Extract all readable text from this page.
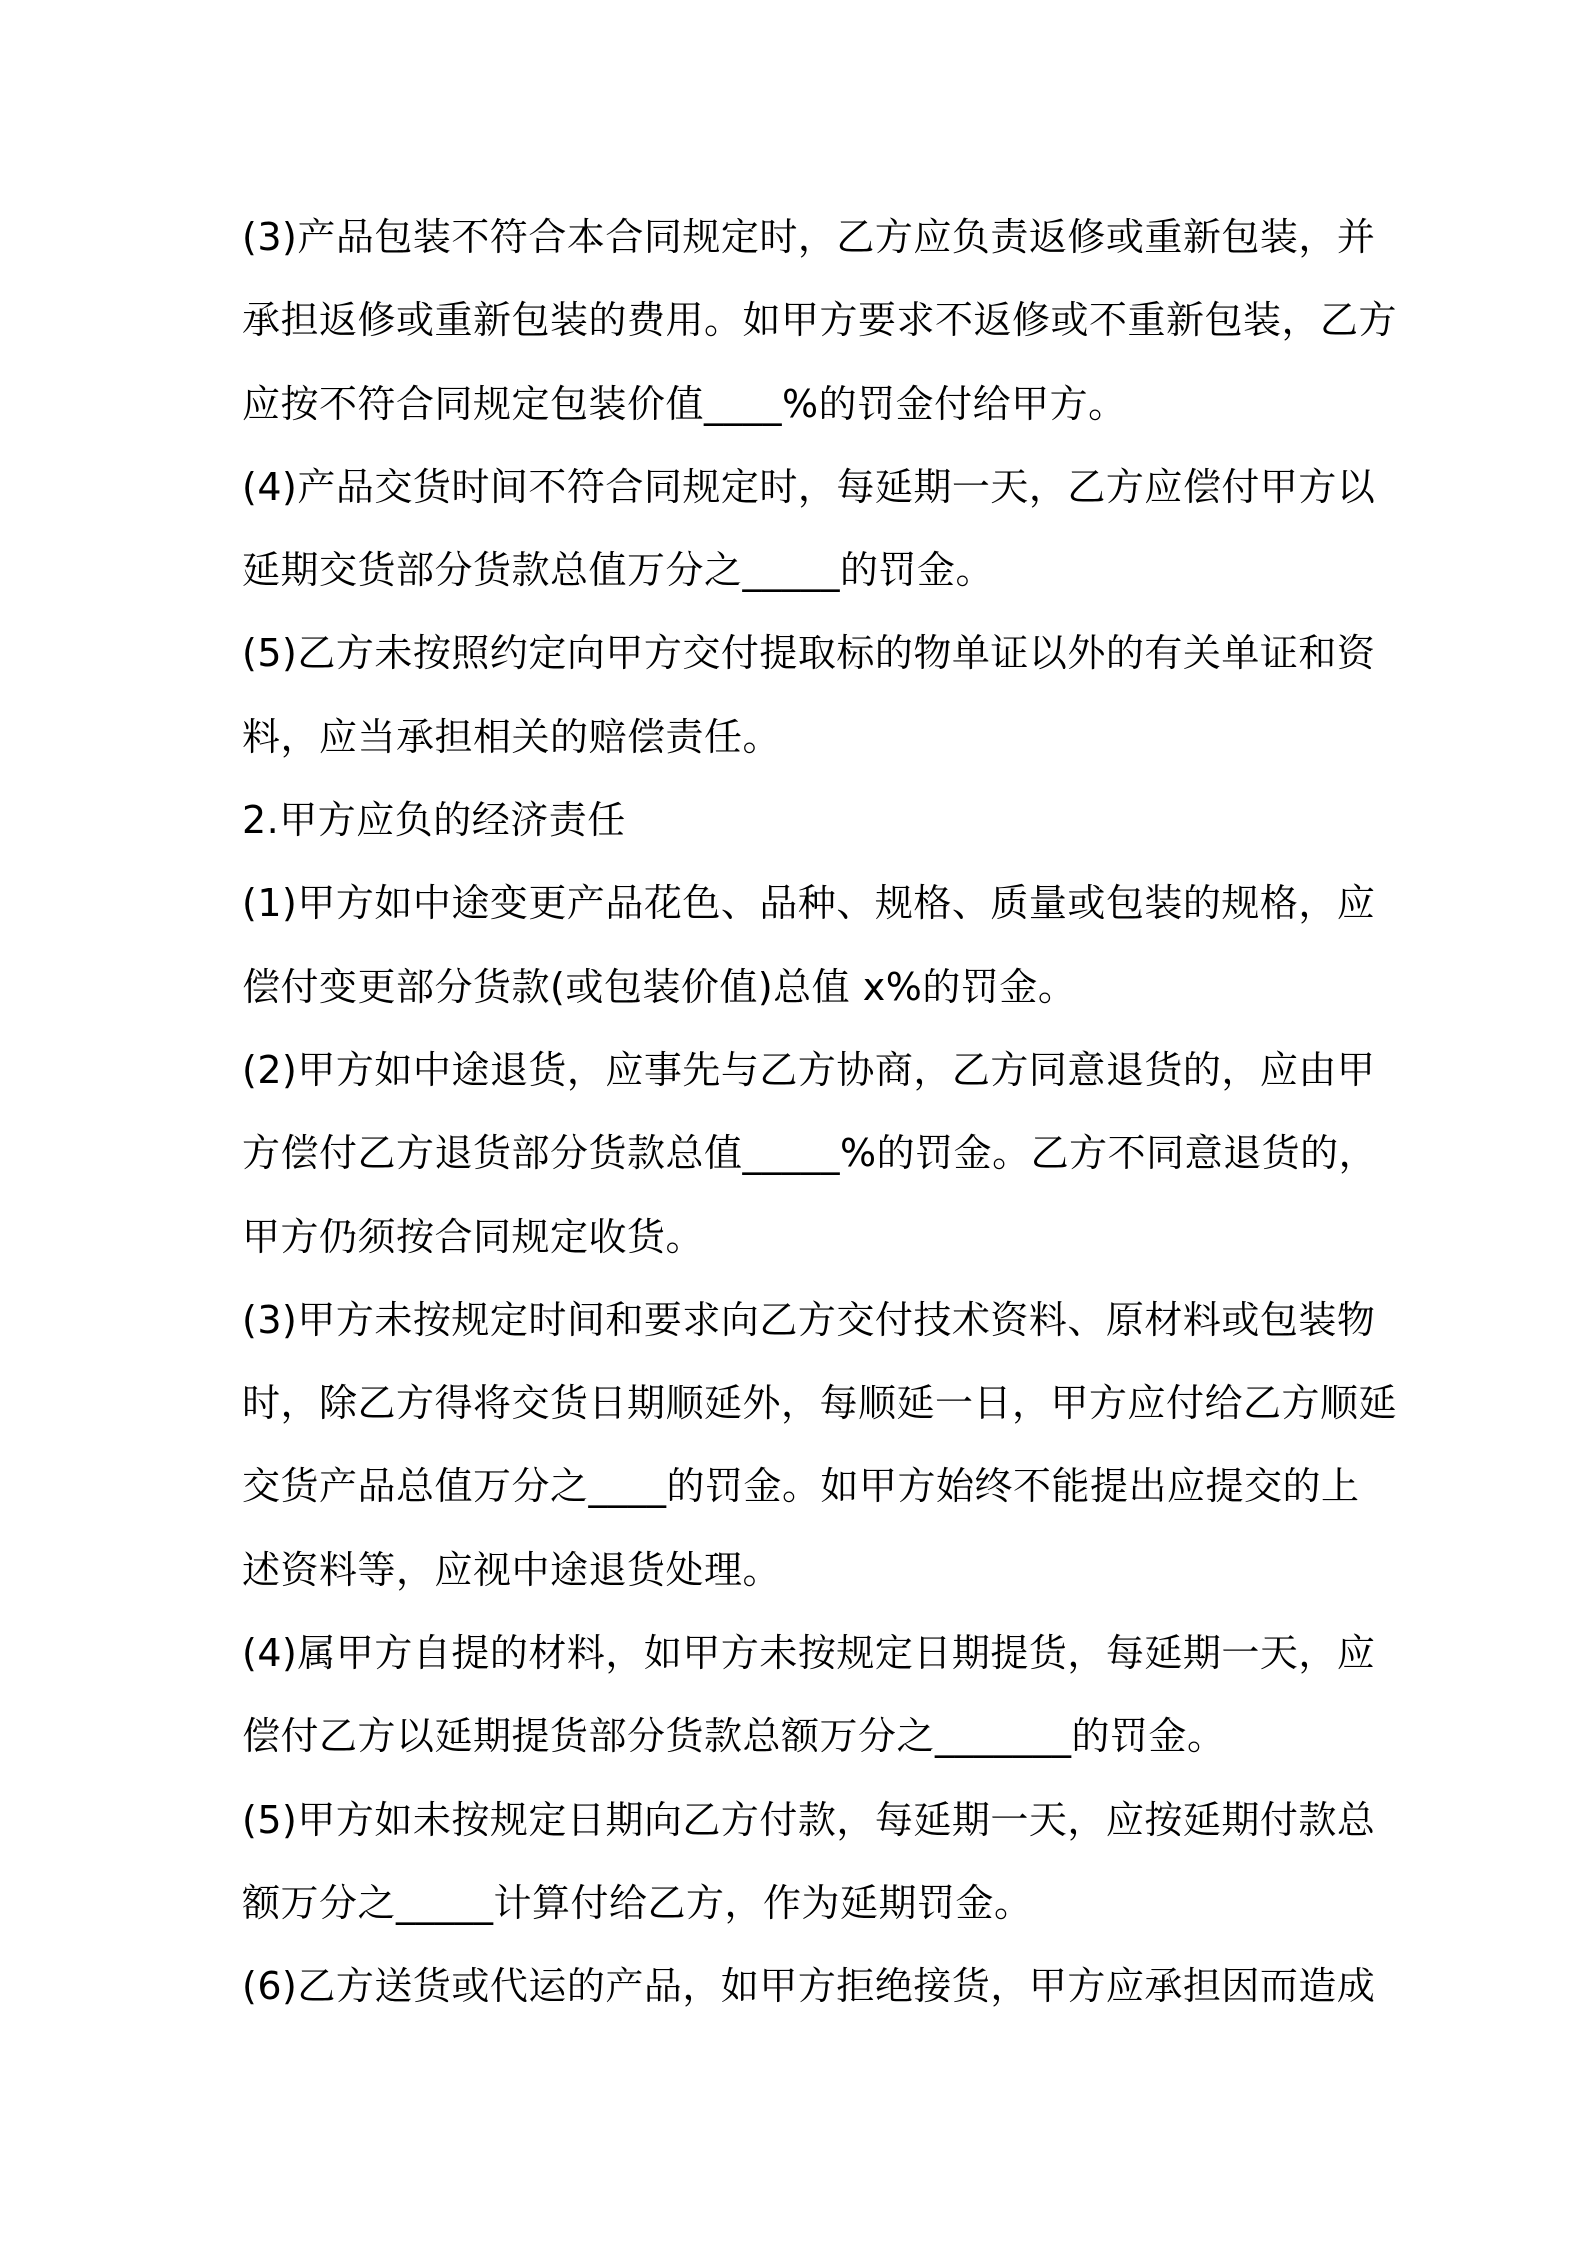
(3)产品包装不符合本合同规定时，乙方应负责返修或重新包装，并
承担返修或重新包装的费用。如甲方要求不返修或不重新包装，乙方
应按不符合同规定包装价值____%的罚金付给甲方。
(4)产品交货时间不符合同规定时，每延期一天，乙方应偿付甲方以
延期交货部分货款总值万分之_____的罚金。
(5)乙方未按照约定向甲方交付提取标的物单证以外的有关单证和资
料，应当承担相关的赔偿责任。
2.甲方应负的经济责任
(1)甲方如中途变更产品花色、品种、规格、质量或包装的规格，应
偿付变更部分货款(或包装价值)总值 x%的罚金。
(2)甲方如中途退货，应事先与乙方协商，乙方同意退货的，应由甲
方偿付乙方退货部分货款总值_____%的罚金。乙方不同意退货的，
甲方仍须按合同规定收货。
(3)甲方未按规定时间和要求向乙方交付技术资料、原材料或包装物
时，除乙方得将交货日期顺延外，每顺延一日，甲方应付给乙方顺延
交货产品总值万分之____的罚金。如甲方始终不能提出应提交的上
述资料等，应视中途退货处理。
(4)属甲方自提的材料，如甲方未按规定日期提货，每延期一天，应
偿付乙方以延期提货部分货款总额万分之_______的罚金。
(5)甲方如未按规定日期向乙方付款，每延期一天，应按延期付款总
额万分之_____计算付给乙方，作为延期罚金。
(6)乙方送货或代运的产品，如甲方拒绝接货，甲方应承担因而造成
